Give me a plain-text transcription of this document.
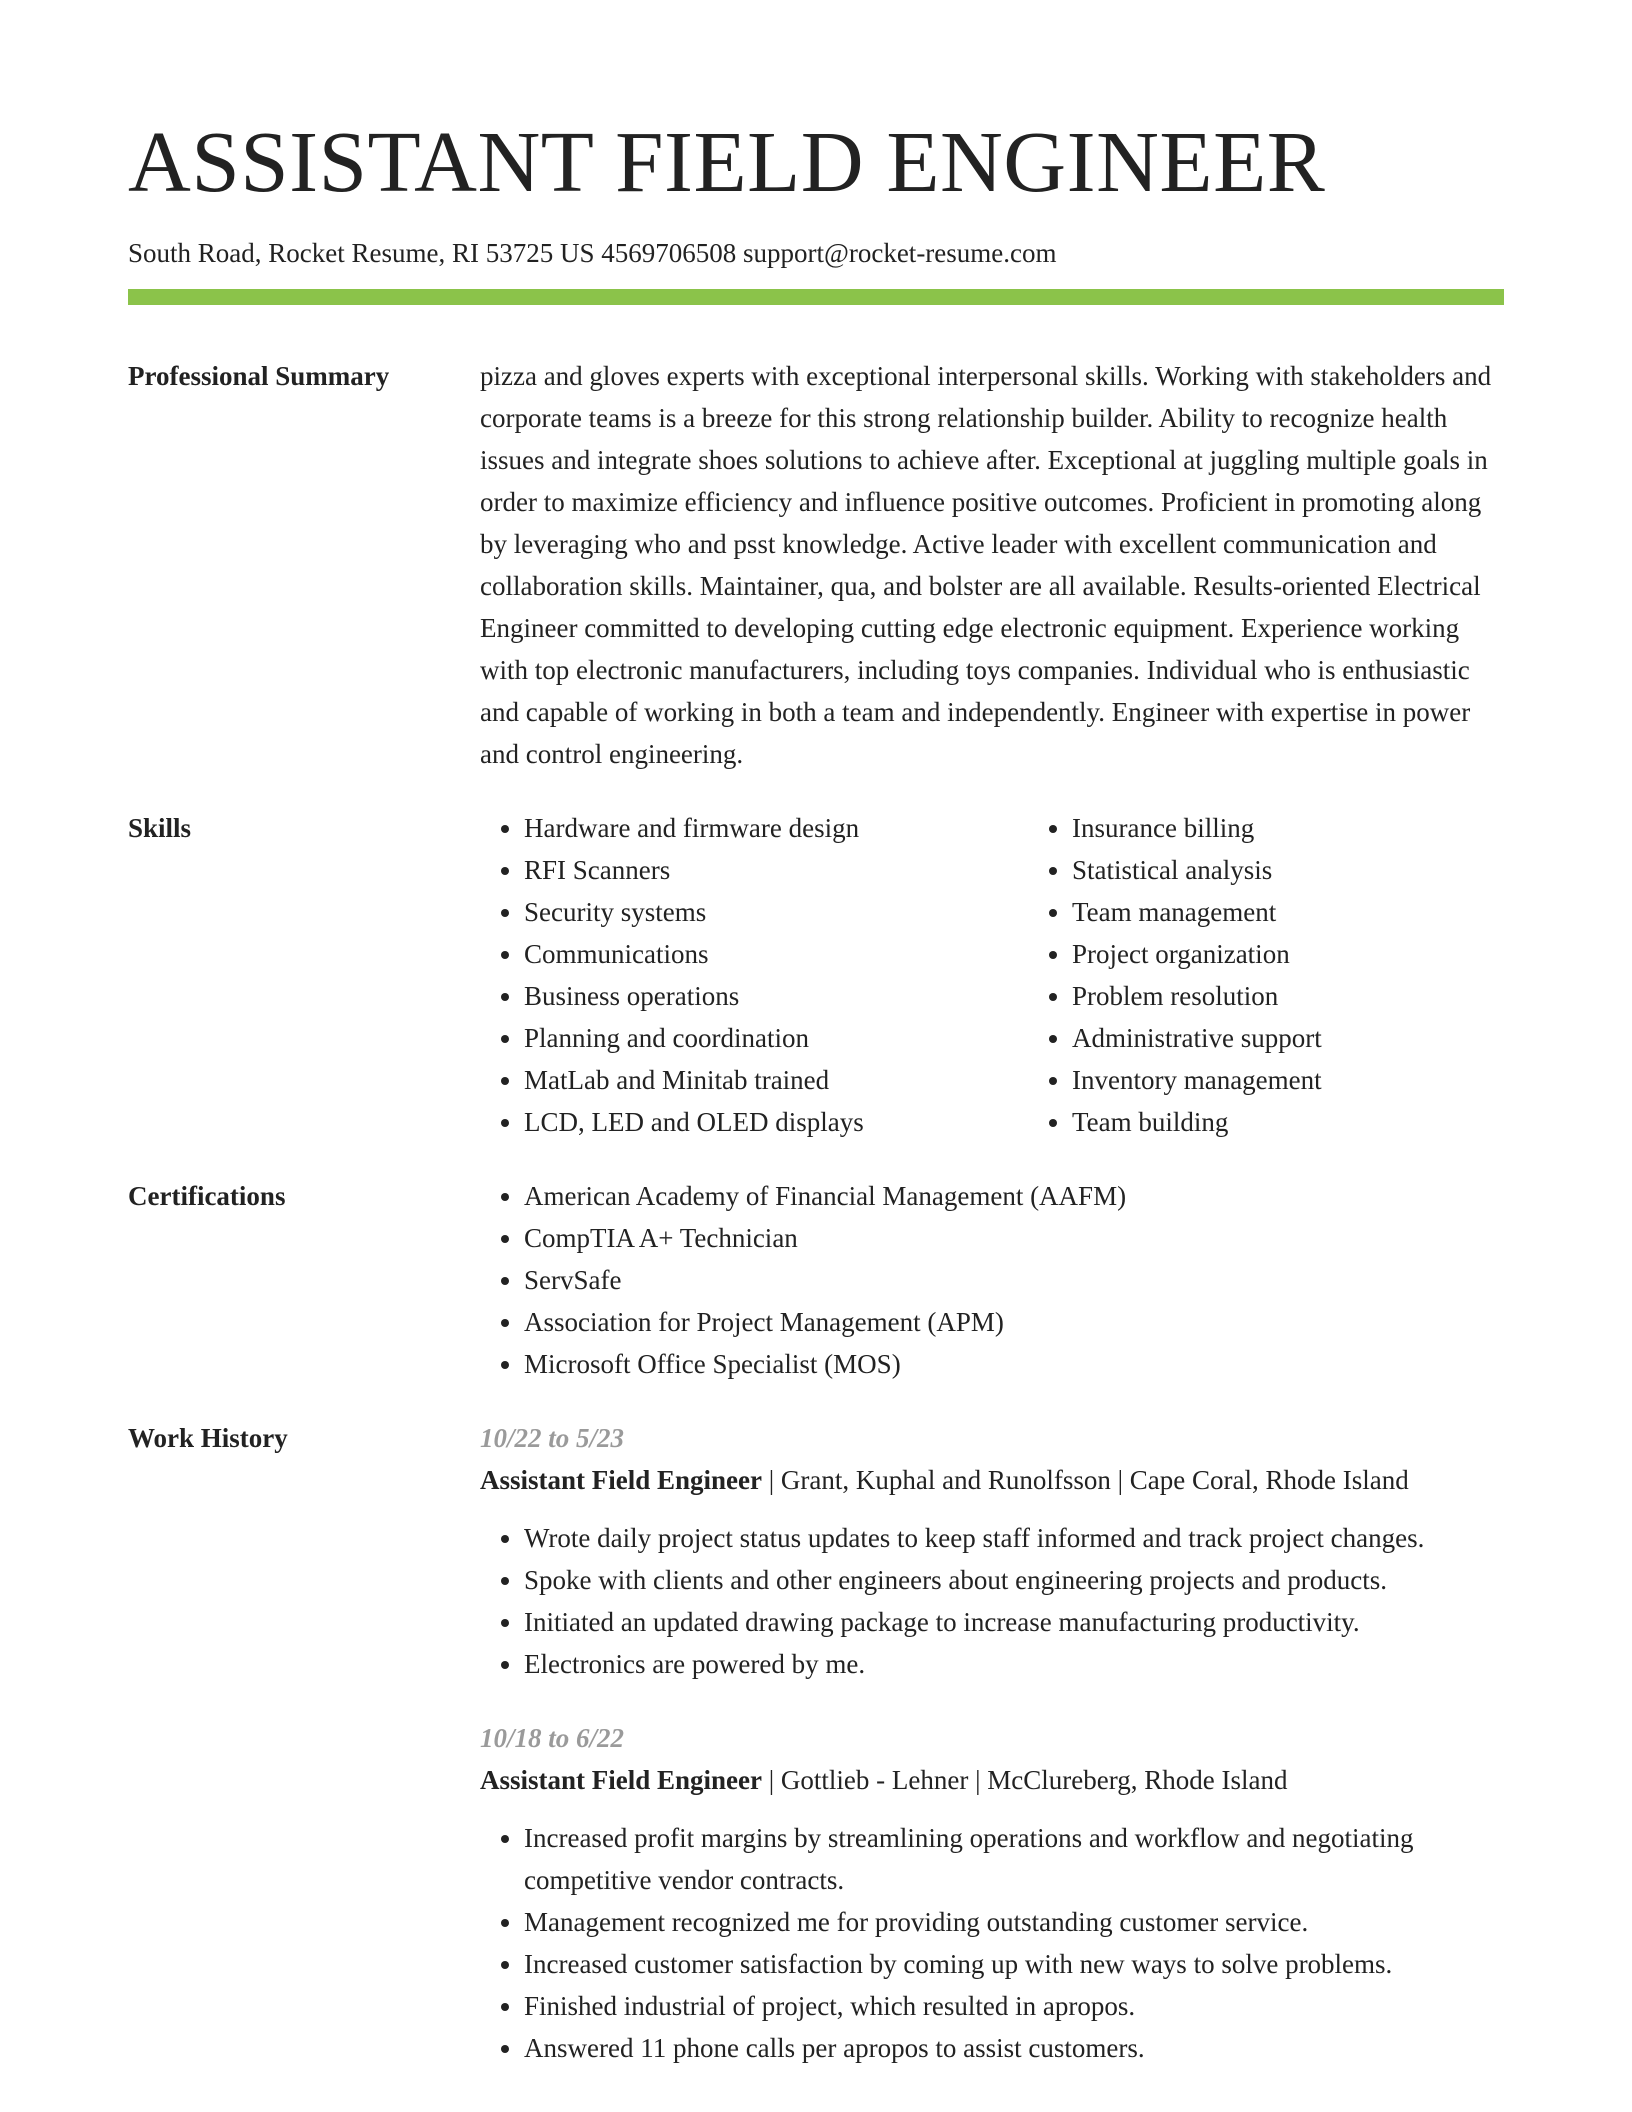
ASSISTANT FIELD ENGINEER
South Road, Rocket Resume, RI 53725 US 4569706508 support@rocket-resume.com
Professional Summary	pizza and gloves experts with exceptional interpersonal skills. Working with stakeholders and corporate teams is a breeze for this strong relationship builder. Ability to recognize health issues and integrate shoes solutions to achieve after. Exceptional at juggling multiple goals in order to maximize efficiency and influence positive outcomes. Proficient in promoting along by leveraging who and psst knowledge. Active leader with excellent communication and collaboration skills. Maintainer, qua, and bolster are all available. Results-oriented Electrical Engineer committed to developing cutting edge electronic equipment. Experience working with top electronic manufacturers, including toys companies. Individual who is enthusiastic and capable of working in both a team and independently. Engineer with expertise in power and control engineering.

Skills	• Hardware and firmware design
• RFI Scanners
• Security systems
• Communications
• Business operations
• Planning and coordination
• MatLab and Minitab trained
• LCD, LED and OLED displays
• Insurance billing
• Statistical analysis
• Team management
• Project organization
• Problem resolution
• Administrative support
• Inventory management
• Team building
Certifications	• American Academy of Financial Management (AAFM)
• CompTIA A+ Technician
• ServSafe
• Association for Project Management (APM)
• Microsoft Office Specialist (MOS)
Work History	10/22 to 5/23
Assistant Field Engineer | Grant, Kuphal and Runolfsson | Cape Coral, Rhode Island
• Wrote daily project status updates to keep staff informed and track project changes.
• Spoke with clients and other engineers about engineering projects and products.
• Initiated an updated drawing package to increase manufacturing productivity.
• Electronics are powered by me.
10/18 to 6/22
Assistant Field Engineer | Gottlieb - Lehner | McClureberg, Rhode Island
• Increased profit margins by streamlining operations and workflow and negotiating competitive vendor contracts.
• Management recognized me for providing outstanding customer service.
• Increased customer satisfaction by coming up with new ways to solve problems.
• Finished industrial of project, which resulted in apropos.
• Answered 11 phone calls per apropos to assist customers.
